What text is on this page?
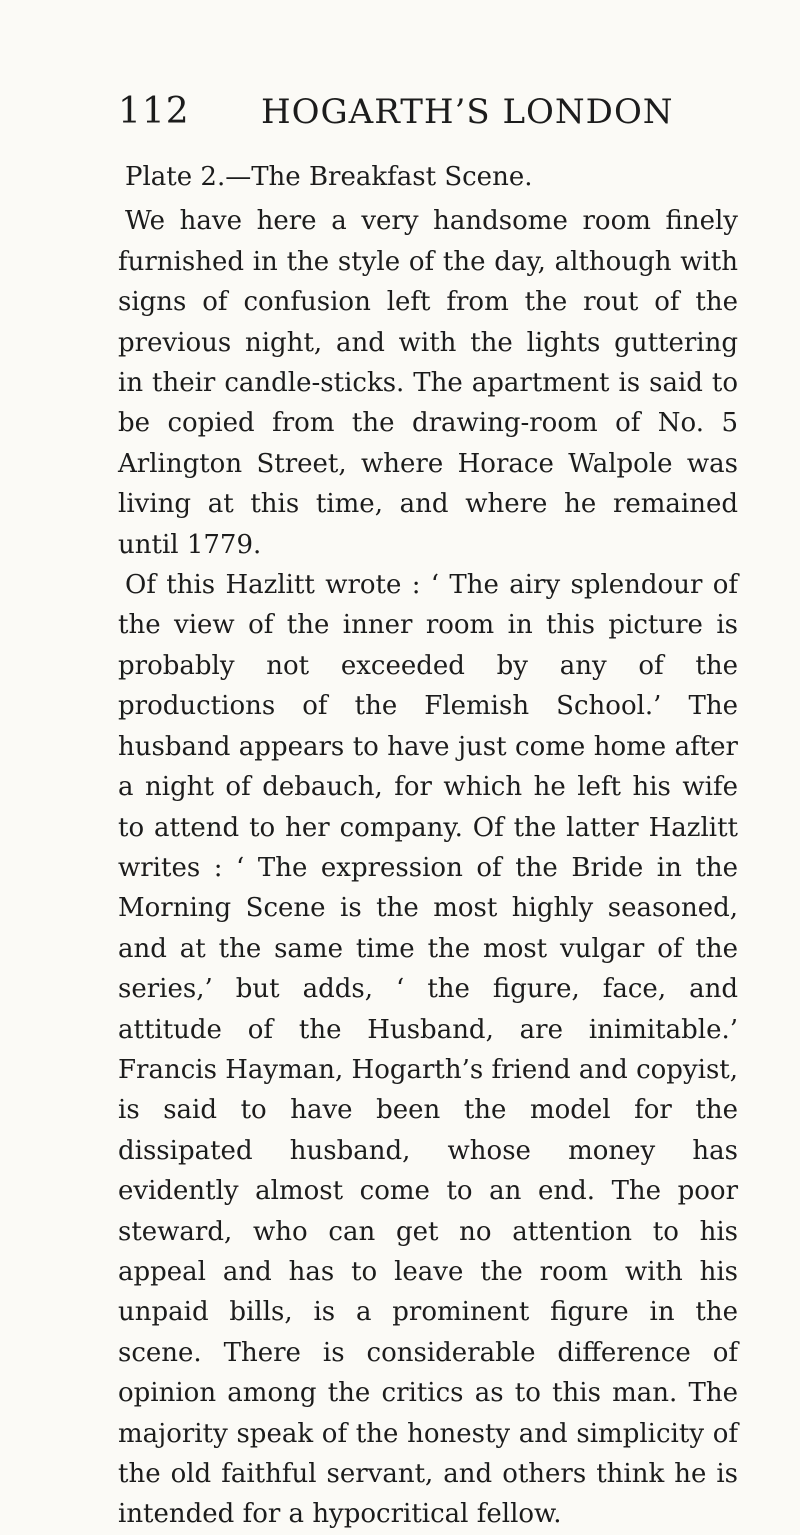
112 HOGARTH’S LONDON

Plate 2.—The Breakfast Scene.

We have here a very handsome room finely furnished in the style of the day, although with signs of confusion left from the rout of the previous night, and with the lights guttering in their candle-sticks. The apartment is said to be copied from the drawing-room of No. 5 Arlington Street, where Horace Walpole was living at this time, and where he remained until 1779.

Of this Hazlitt wrote : ‘ The airy splendour of the view of the inner room in this picture is probably not exceeded by any of the productions of the Flemish School.’ The husband appears to have just come home after a night of debauch, for which he left his wife to attend to her company. Of the latter Hazlitt writes : ‘ The expression of the Bride in the Morning Scene is the most highly seasoned, and at the same time the most vulgar of the series,’ but adds, ‘ the figure, face, and attitude of the Husband, are inimitable.’ Francis Hayman, Hogarth’s friend and copyist, is said to have been the model for the dissipated husband, whose money has evidently almost come to an end. The poor steward, who can get no attention to his appeal and has to leave the room with his unpaid bills, is a prominent figure in the scene. There is considerable difference of opinion among the critics as to this man. The majority speak of the honesty and simplicity of the old faithful servant, and others think he is intended for a hypocritical fellow.
